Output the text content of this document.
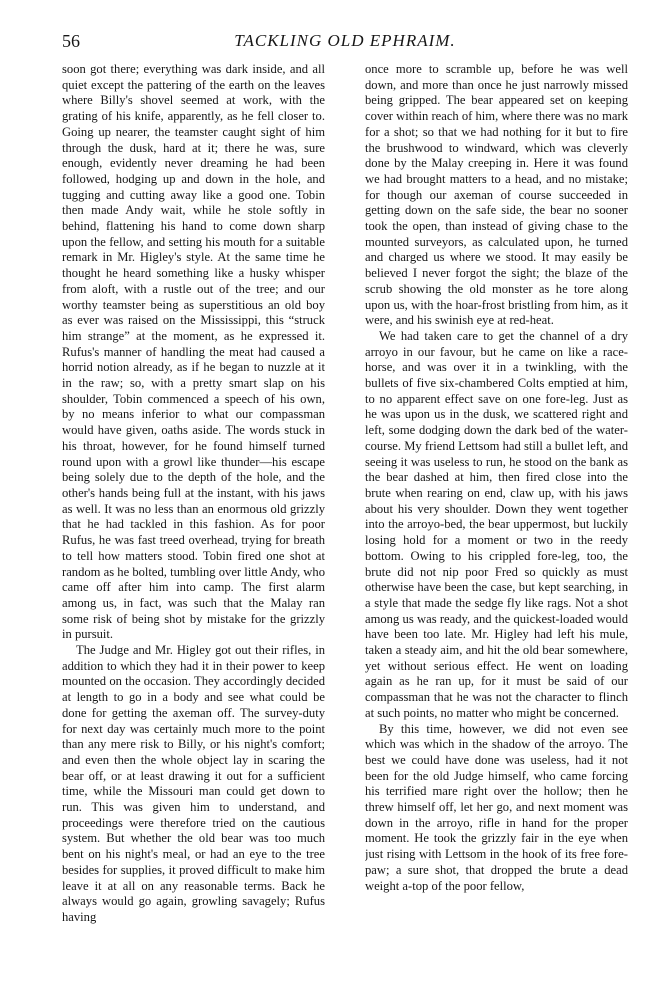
56	TACKLING OLD EPHRAIM.

soon got there; everything was dark inside, and all quiet except the pattering of the earth on the leaves where Billy's shovel seemed at work, with the grating of his knife, apparently, as he fell closer to. Going up nearer, the teamster caught sight of him through the dusk, hard at it; there he was, sure enough, evidently never dreaming he had been followed, hodging up and down in the hole, and tugging and cutting away like a good one. Tobin then made Andy wait, while he stole softly in behind, flattening his hand to come down sharp upon the fellow, and setting his mouth for a suitable remark in Mr. Higley's style. At the same time he thought he heard something like a husky whisper from aloft, with a rustle out of the tree; and our worthy teamster being as superstitious an old boy as ever was raised on the Mississippi, this “struck him strange” at the moment, as he expressed it. Rufus's manner of handling the meat had caused a horrid notion already, as if he began to nuzzle at it in the raw; so, with a pretty smart slap on his shoulder, Tobin commenced a speech of his own, by no means inferior to what our compassman would have given, oaths aside. The words stuck in his throat, however, for he found himself turned round upon with a growl like thunder—his escape being solely due to the depth of the hole, and the other's hands being full at the instant, with his jaws as well. It was no less than an enormous old grizzly that he had tackled in this fashion. As for poor Rufus, he was fast treed overhead, trying for breath to tell how matters stood. Tobin fired one shot at random as he bolted, tumbling over little Andy, who came off after him into camp. The first alarm among us, in fact, was such that the Malay ran some risk of being shot by mistake for the grizzly in pursuit.

The Judge and Mr. Higley got out their rifles, in addition to which they had it in their power to keep mounted on the occasion. They accordingly decided at length to go in a body and see what could be done for getting the axeman off. The survey-duty for next day was certainly much more to the point than any mere risk to Billy, or his night's comfort; and even then the whole object lay in scaring the bear off, or at least drawing it out for a sufficient time, while the Missouri man could get down to run. This was given him to understand, and proceedings were therefore tried on the cautious system. But whether the old bear was too much bent on his night's meal, or had an eye to the tree besides for supplies, it proved difficult to make him leave it at all on any reasonable terms. Back he always would go again, growling savagely; Rufus having

once more to scramble up, before he was well down, and more than once he just narrowly missed being gripped. The bear appeared set on keeping cover within reach of him, where there was no mark for a shot; so that we had nothing for it but to fire the brushwood to windward, which was cleverly done by the Malay creeping in. Here it was found we had brought matters to a head, and no mistake; for though our axeman of course succeeded in getting down on the safe side, the bear no sooner took the open, than instead of giving chase to the mounted surveyors, as calculated upon, he turned and charged us where we stood. It may easily be believed I never forgot the sight; the blaze of the scrub showing the old monster as he tore along upon us, with the hoar-frost bristling from him, as it were, and his swinish eye at red-heat.

We had taken care to get the channel of a dry arroyo in our favour, but he came on like a race-horse, and was over it in a twinkling, with the bullets of five six-chambered Colts emptied at him, to no apparent effect save on one fore-leg. Just as he was upon us in the dusk, we scattered right and left, some dodging down the dark bed of the water-course. My friend Lettsom had still a bullet left, and seeing it was useless to run, he stood on the bank as the bear dashed at him, then fired close into the brute when rearing on end, claw up, with his jaws about his very shoulder. Down they went together into the arroyo-bed, the bear uppermost, but luckily losing hold for a moment or two in the reedy bottom. Owing to his crippled fore-leg, too, the brute did not nip poor Fred so quickly as must otherwise have been the case, but kept searching, in a style that made the sedge fly like rags. Not a shot among us was ready, and the quickest-loaded would have been too late. Mr. Higley had left his mule, taken a steady aim, and hit the old bear somewhere, yet without serious effect. He went on loading again as he ran up, for it must be said of our compassman that he was not the character to flinch at such points, no matter who might be concerned.

By this time, however, we did not even see which was which in the shadow of the arroyo. The best we could have done was useless, had it not been for the old Judge himself, who came forcing his terrified mare right over the hollow; then he threw himself off, let her go, and next moment was down in the arroyo, rifle in hand for the proper moment. He took the grizzly fair in the eye when just rising with Lettsom in the hook of its free fore-paw; a sure shot, that dropped the brute a dead weight a-top of the poor fellow,
